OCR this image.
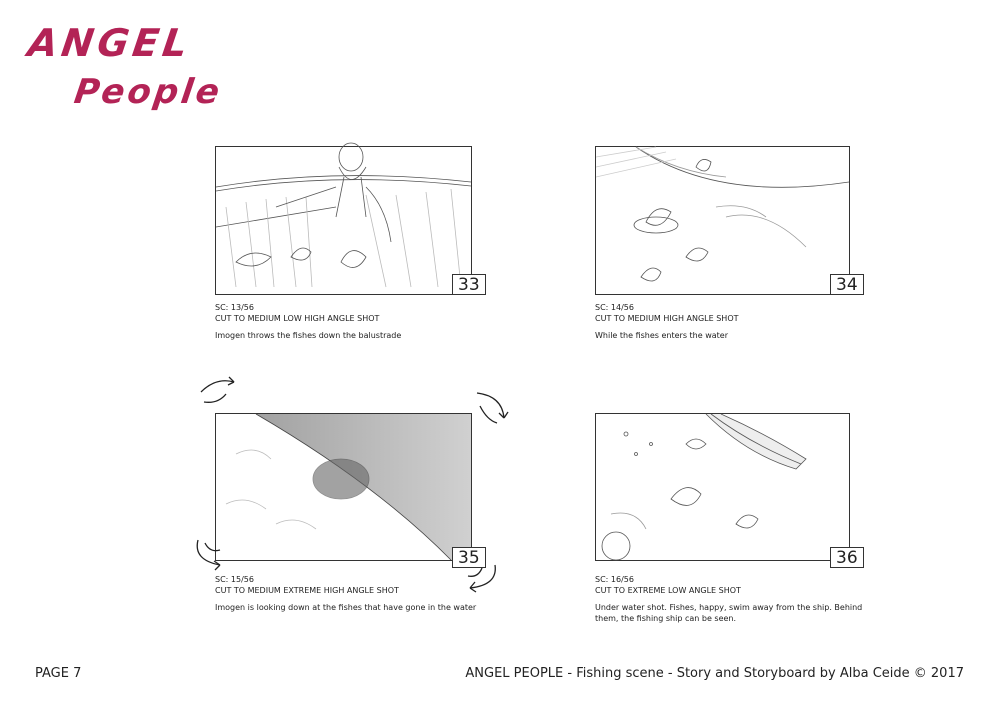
ANGEL
People
33
SC: 13/56
CUT TO MEDIUM LOW HIGH ANGLE SHOT
Imogen throws the fishes down the balustrade
34
SC: 14/56
CUT TO MEDIUM HIGH ANGLE SHOT
While the fishes enters the water
35
SC: 15/56
CUT TO MEDIUM EXTREME HIGH ANGLE SHOT
Imogen is looking down at the fishes that have gone in the water
36
SC: 16/56
CUT TO EXTREME LOW ANGLE SHOT
Under water shot. Fishes, happy, swim away from the ship. Behind them, the fishing ship can be seen.
PAGE 7	ANGEL PEOPLE - Fishing scene - Story and Storyboard by Alba Ceide © 2017
